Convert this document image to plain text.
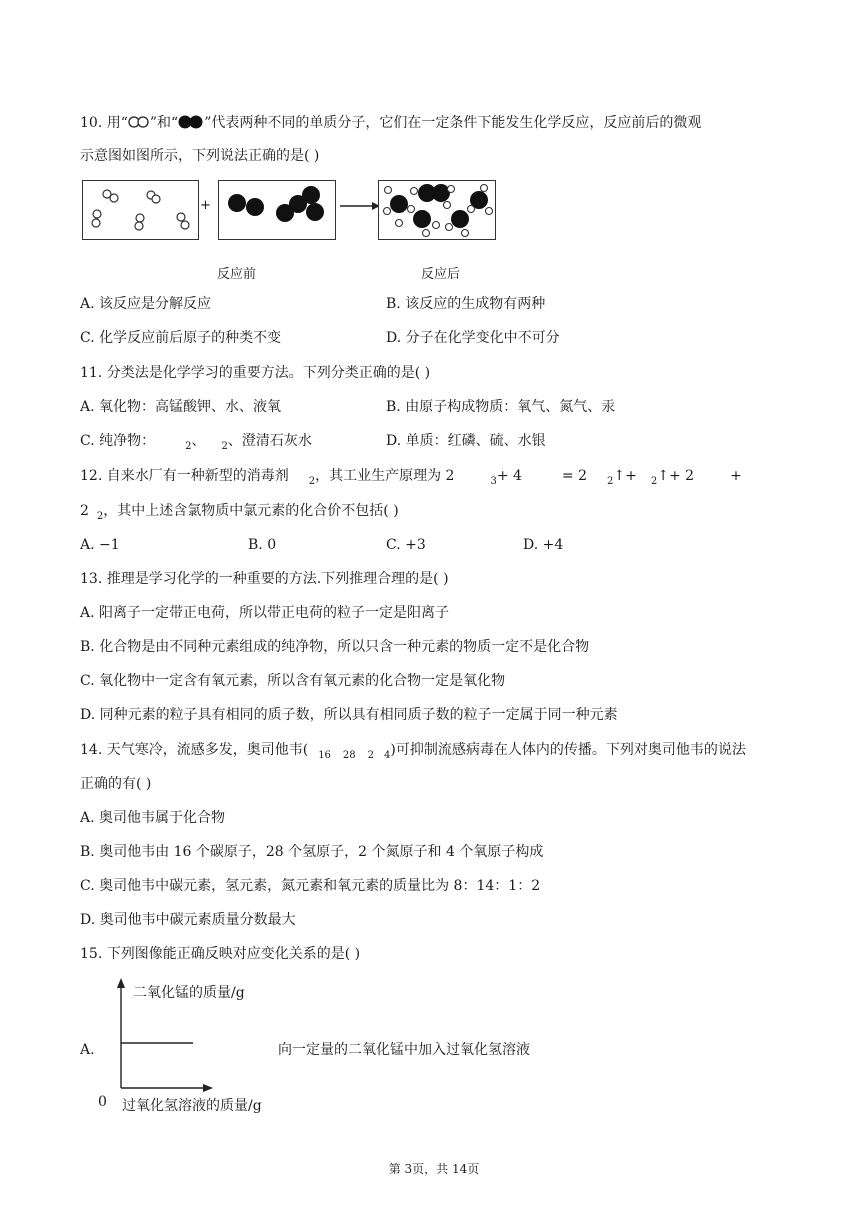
10. 用“ ”和“ ”代表两种不同的单质分子，它们在一定条件下能发生化学反应，反应前后的微观
示意图如图所示，下列说法正确的是( )
+
反应前	反应后
A. 该反应是分解反应	B. 该反应的生成物有两种
C. 化学反应前后原子的种类不变	D. 分子在化学变化中不可分
11. 分类法是化学学习的重要方法。下列分类正确的是( )
A. 氧化物：高锰酸钾、水、液氧	B. 由原子构成物质：氧气、氮气、汞
C. 纯净物：	$_2$、 $_2$、澄清石灰水	D. 单质：红磷、硫、水银
12. 自来水厂有一种新型的消毒剂 $_2$，其工业生产原理为 2	$_3$+ 4	= 2 $_2$↑+ $_2$↑+ 2	+
2 $_2$，其中上述含氯物质中氯元素的化合价不包括( )
A. −1	B. 0	C. +3	D. +4
13. 推理是学习化学的一种重要的方法.下列推理合理的是( )
A. 阳离子一定带正电荷，所以带正电荷的粒子一定是阳离子
B. 化合物是由不同种元素组成的纯净物，所以只含一种元素的物质一定不是化合物
C. 氧化物中一定含有氧元素，所以含有氧元素的化合物一定是氧化物
D. 同种元素的粒子具有相同的质子数，所以具有相同质子数的粒子一定属于同一种元素
14. 天气寒冷，流感多发，奥司他韦( $_{16}$ $_{28}$ $_2$ $_4$)可抑制流感病毒在人体内的传播。下列对奥司他韦的说法
正确的有( )
A. 奥司他韦属于化合物
B. 奥司他韦由 16 个碳原子，28 个氢原子，2 个氮原子和 4 个氧原子构成
C. 奥司他韦中碳元素，氢元素，氮元素和氧元素的质量比为 8：14：1：2
D. 奥司他韦中碳元素质量分数最大
15. 下列图像能正确反映对应变化关系的是( )
A.	向一定量的二氧化锰中加入过氧化氢溶液
二氧化锰的质量/g
0 过氧化氢溶液的质量/g
第 3页，共 14页
